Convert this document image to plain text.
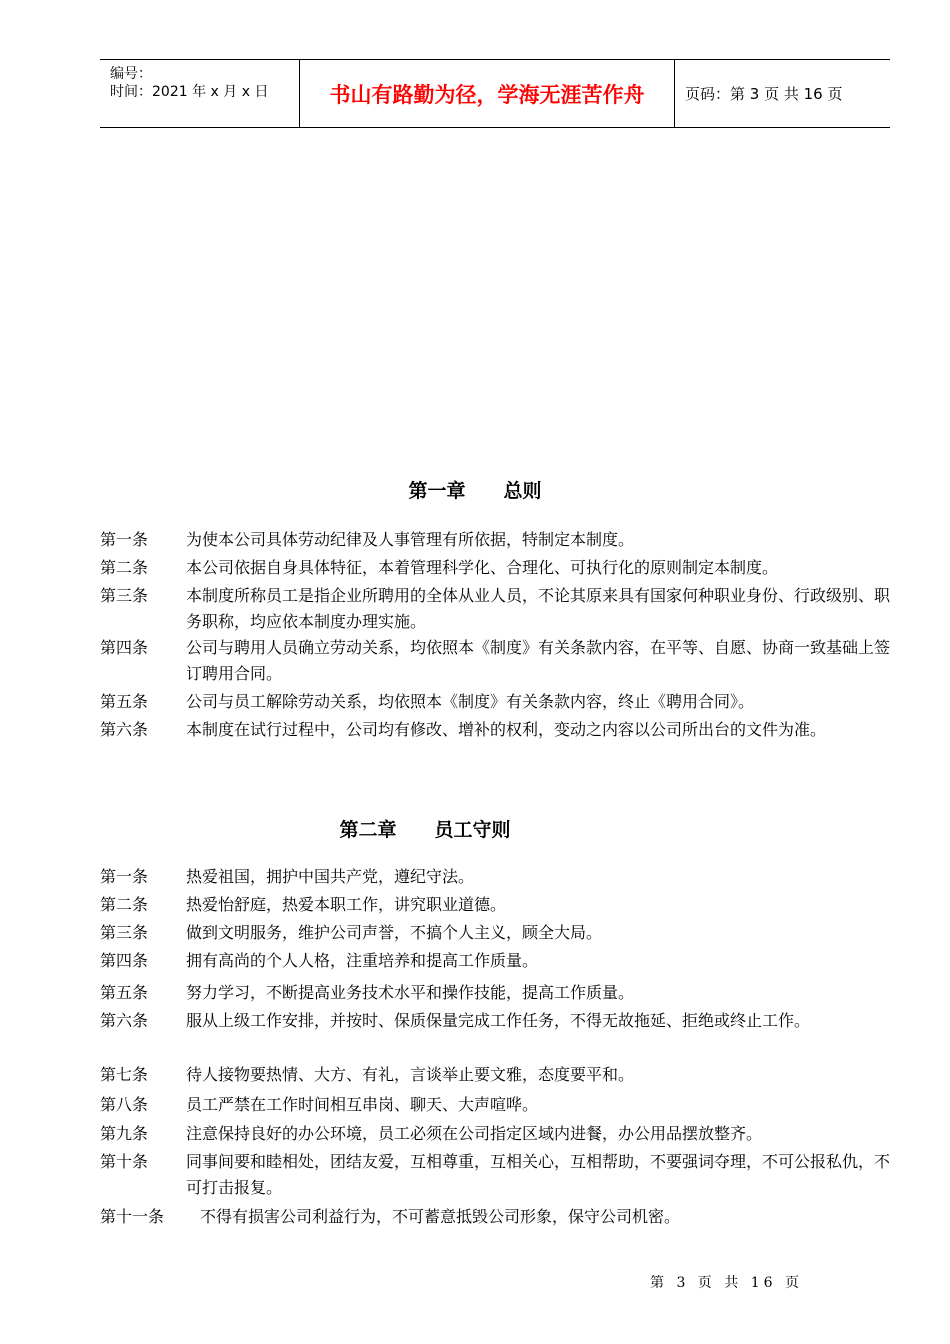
编号：
时间：2021 年 x 月 x 日	书山有路勤为径，学海无涯苦作舟	页码：第 3 页 共 16 页
第一章 总则
第一条 为使本公司具体劳动纪律及人事管理有所依据，特制定本制度。
第二条 本公司依据自身具体特征，本着管理科学化、合理化、可执行化的原则制定本制度。
第三条 本制度所称员工是指企业所聘用的全体从业人员，不论其原来具有国家何种职业身份、行政级别、职务职称，均应依本制度办理实施。
第四条 公司与聘用人员确立劳动关系，均依照本《制度》有关条款内容，在平等、自愿、协商一致基础上签订聘用合同。
第五条 公司与员工解除劳动关系，均依照本《制度》有关条款内容，终止《聘用合同》。
第六条 本制度在试行过程中，公司均有修改、增补的权利，变动之内容以公司所出台的文件为准。
第二章 员工守则
第一条 热爱祖国，拥护中国共产党，遵纪守法。
第二条 热爱怡舒庭，热爱本职工作，讲究职业道德。
第三条 做到文明服务，维护公司声誉，不搞个人主义，顾全大局。
第四条 拥有高尚的个人人格，注重培养和提高工作质量。
第五条 努力学习，不断提高业务技术水平和操作技能，提高工作质量。
第六条 服从上级工作安排，并按时、保质保量完成工作任务，不得无故拖延、拒绝或终止工作。
第七条 待人接物要热情、大方、有礼，言谈举止要文雅，态度要平和。
第八条 员工严禁在工作时间相互串岗、聊天、大声喧哗。
第九条 注意保持良好的办公环境，员工必须在公司指定区域内进餐，办公用品摆放整齐。
第十条 同事间要和睦相处，团结友爱，互相尊重，互相关心，互相帮助，不要强词夺理，不可公报私仇，不可打击报复。
第十一条 不得有损害公司利益行为，不可蓄意抵毁公司形象，保守公司机密。
第 3 页 共 16 页
